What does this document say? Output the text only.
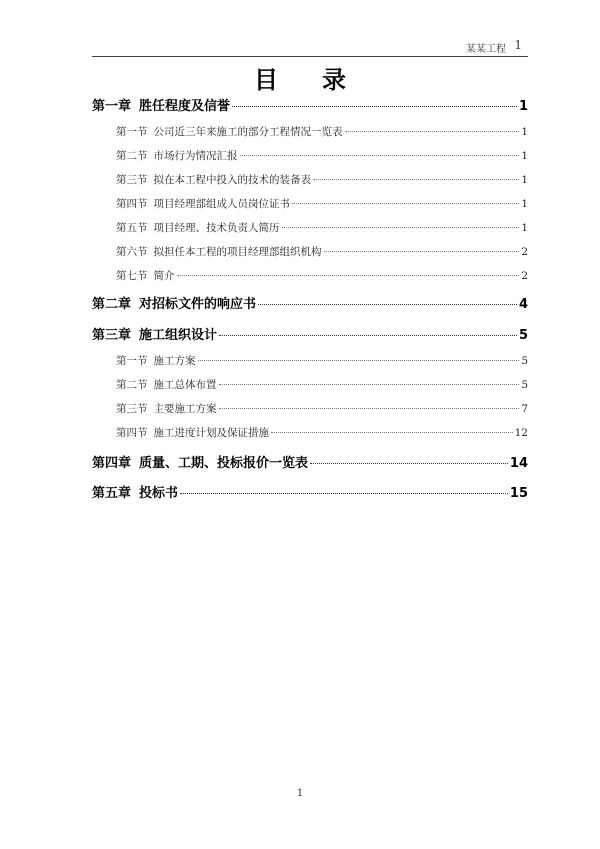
某某工程 1
目录
第一章 胜任程度及信誉	1
第一节 公司近三年来施工的部分工程情况一览表	1
第二节 市场行为情况汇报	1
第三节 拟在本工程中投入的技术的装备表	1
第四节 项目经理部组成人员岗位证书	1
第五节 项目经理、技术负责人简历	1
第六节 拟担任本工程的项目经理部组织机构	2
第七节 简介	2
第二章 对招标文件的响应书	4
第三章 施工组织设计	5
第一节 施工方案	5
第二节 施工总体布置	5
第三节 主要施工方案	7
第四节 施工进度计划及保证措施	12
第四章 质量、工期、投标报价一览表	14
第五章 投标书	15
1
